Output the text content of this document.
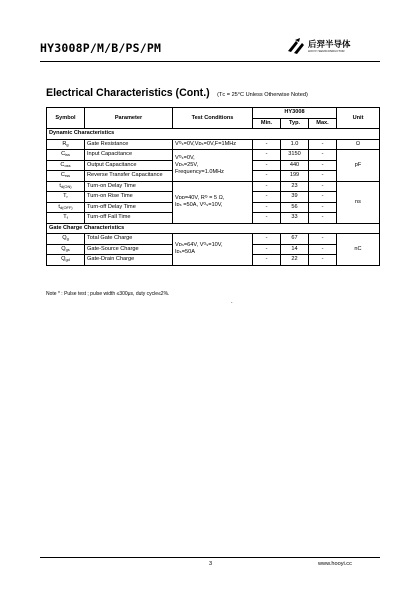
HY3008P/M/B/PS/PM	后羿半导体
HOOYI SEMICONDUCTOR
Electrical Characteristics (Cont.) (Tᴄ = 25°C Unless Otherwise Noted)
Symbol	Parameter	Test Conditions	HY3008			Unit
			Min.	Typ.	Max.	
Dynamic Characteristics						
$R_g$	Gate Resistance	Vᴳₛ=0V,Vᴅₛ=0V,F=1MHz	-	1.0	-	Ω
$C_{iss}$	Input Capacitance	Vᴳₛ=0V,
Vᴅₛ=25V,
Frequency=1.0MHz	-	3150	-	pF
$C_{oss}$	Output Capacitance		-	440	-	
$C_{rss}$	Reverse Transfer Capacitance		-	199	-	
$t_{d(ON)}$	Turn-on Delay Time	Vᴅᴅ=40V, Rᴳ = 5 Ω,
Iᴅₛ =50A, Vᴳₛ=10V,	-	23	-	ns
$T_r$	Turn-on Rise Time		-	39	-	
$t_{d(OFF)}$	Turn-off Delay Time		-	56	-	
$T_f$	Turn-off Fall Time		-	33	-	
Gate Charge Characteristics						
$Q_g$	Total Gate Charge	Vᴅₛ=64V, Vᴳₛ=10V,
Iᴅₛ=50A	-	67	-	nC
$Q_{gs}$	Gate-Source Charge		-	14	-	
$Q_{gd}$	Gate-Drain Charge		-	22	-	
Note * : Pulse test ; pulse width ≤300μs, duty cycle≤2%.
.
3	www.hooyi.cc
